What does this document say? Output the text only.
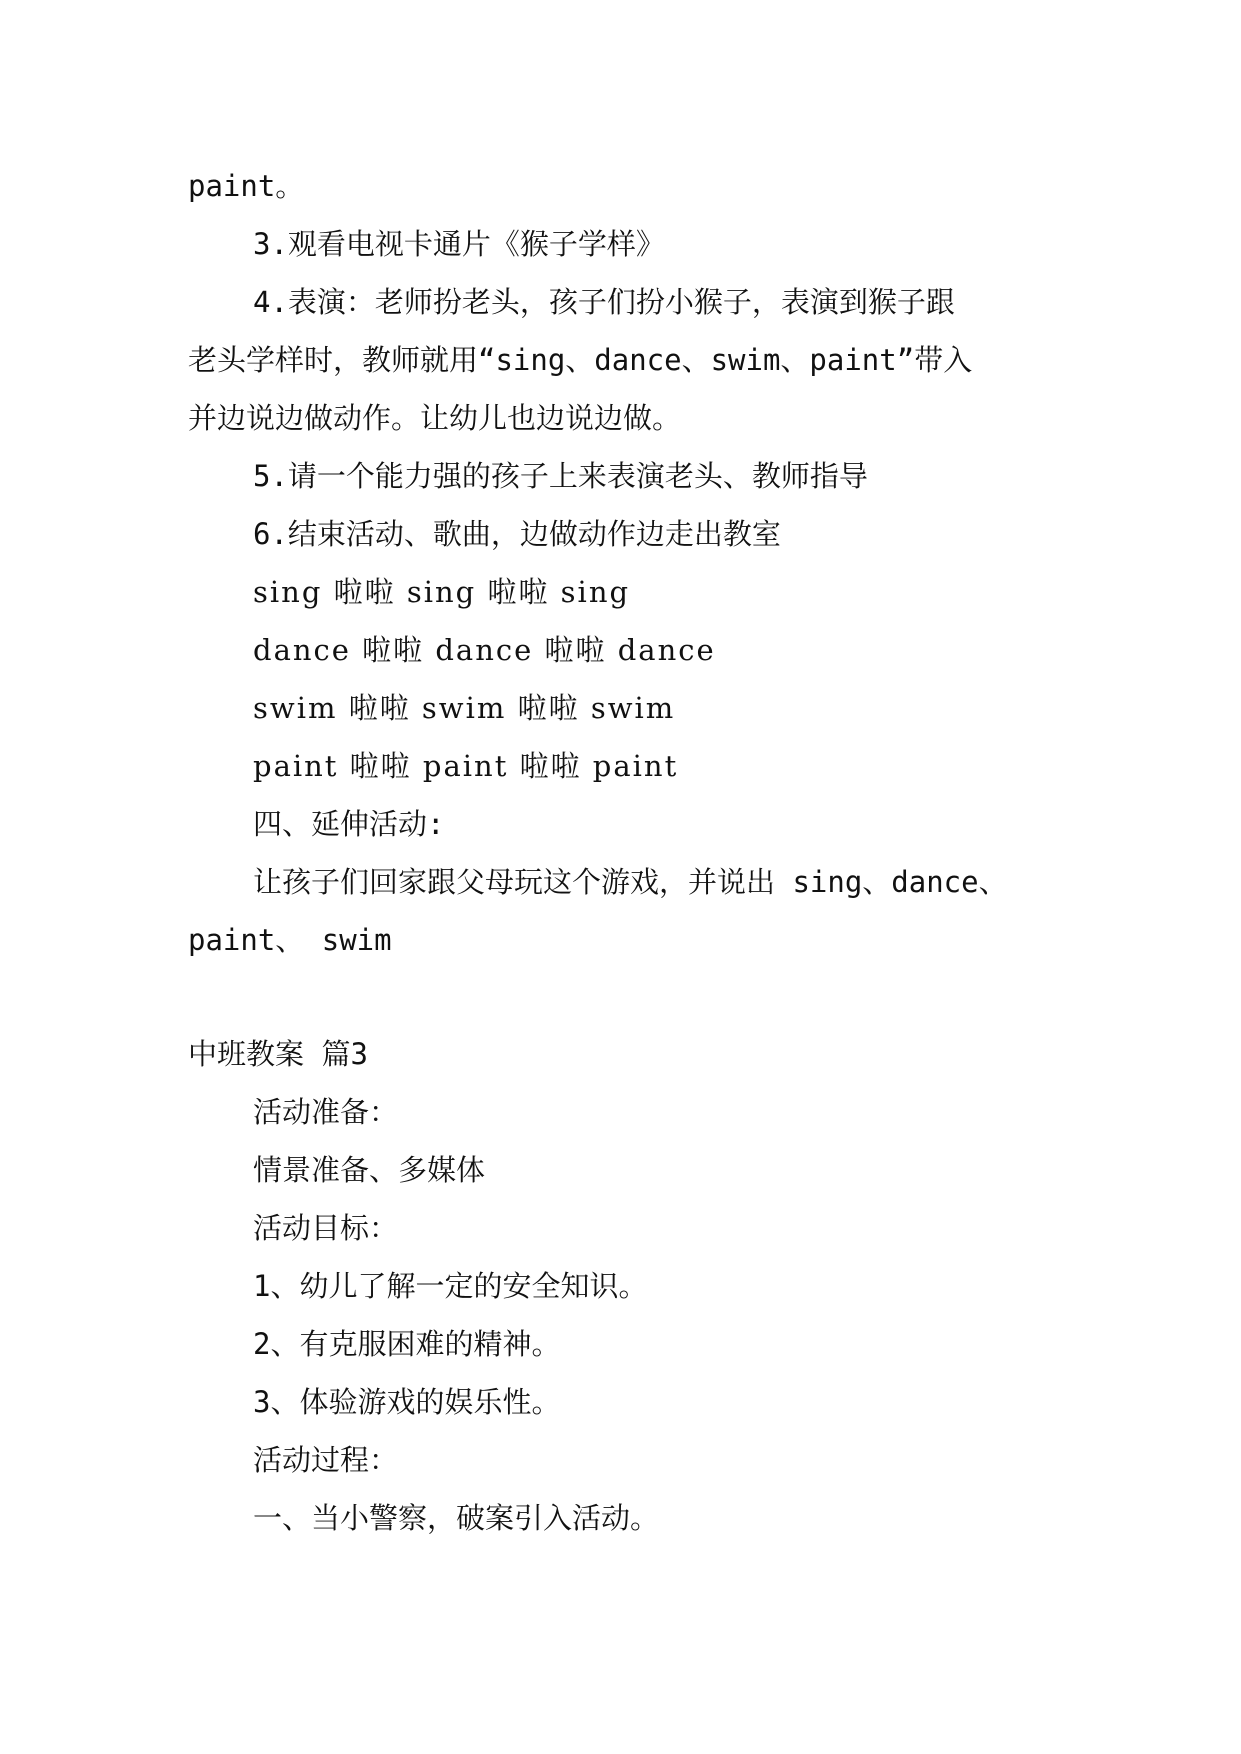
paint。
3.观看电视卡通片《猴子学样》
4.表演：老师扮老头，孩子们扮小猴子，表演到猴子跟
老头学样时，教师就用“sing、dance、swim、paint”带入
并边说边做动作。让幼儿也边说边做。
5.请一个能力强的孩子上来表演老头、教师指导
6.结束活动、歌曲，边做动作边走出教室
sing 啦啦 sing 啦啦 sing
dance 啦啦 dance 啦啦 dance
swim 啦啦 swim 啦啦 swim
paint 啦啦 paint 啦啦 paint
四、延伸活动:
让孩子们回家跟父母玩这个游戏，并说出 sing、dance、
paint、 swim
中班教案 篇3
活动准备：
情景准备、多媒体
活动目标：
1、幼儿了解一定的安全知识。
2、有克服困难的精神。
3、体验游戏的娱乐性。
活动过程：
一、当小警察，破案引入活动。
